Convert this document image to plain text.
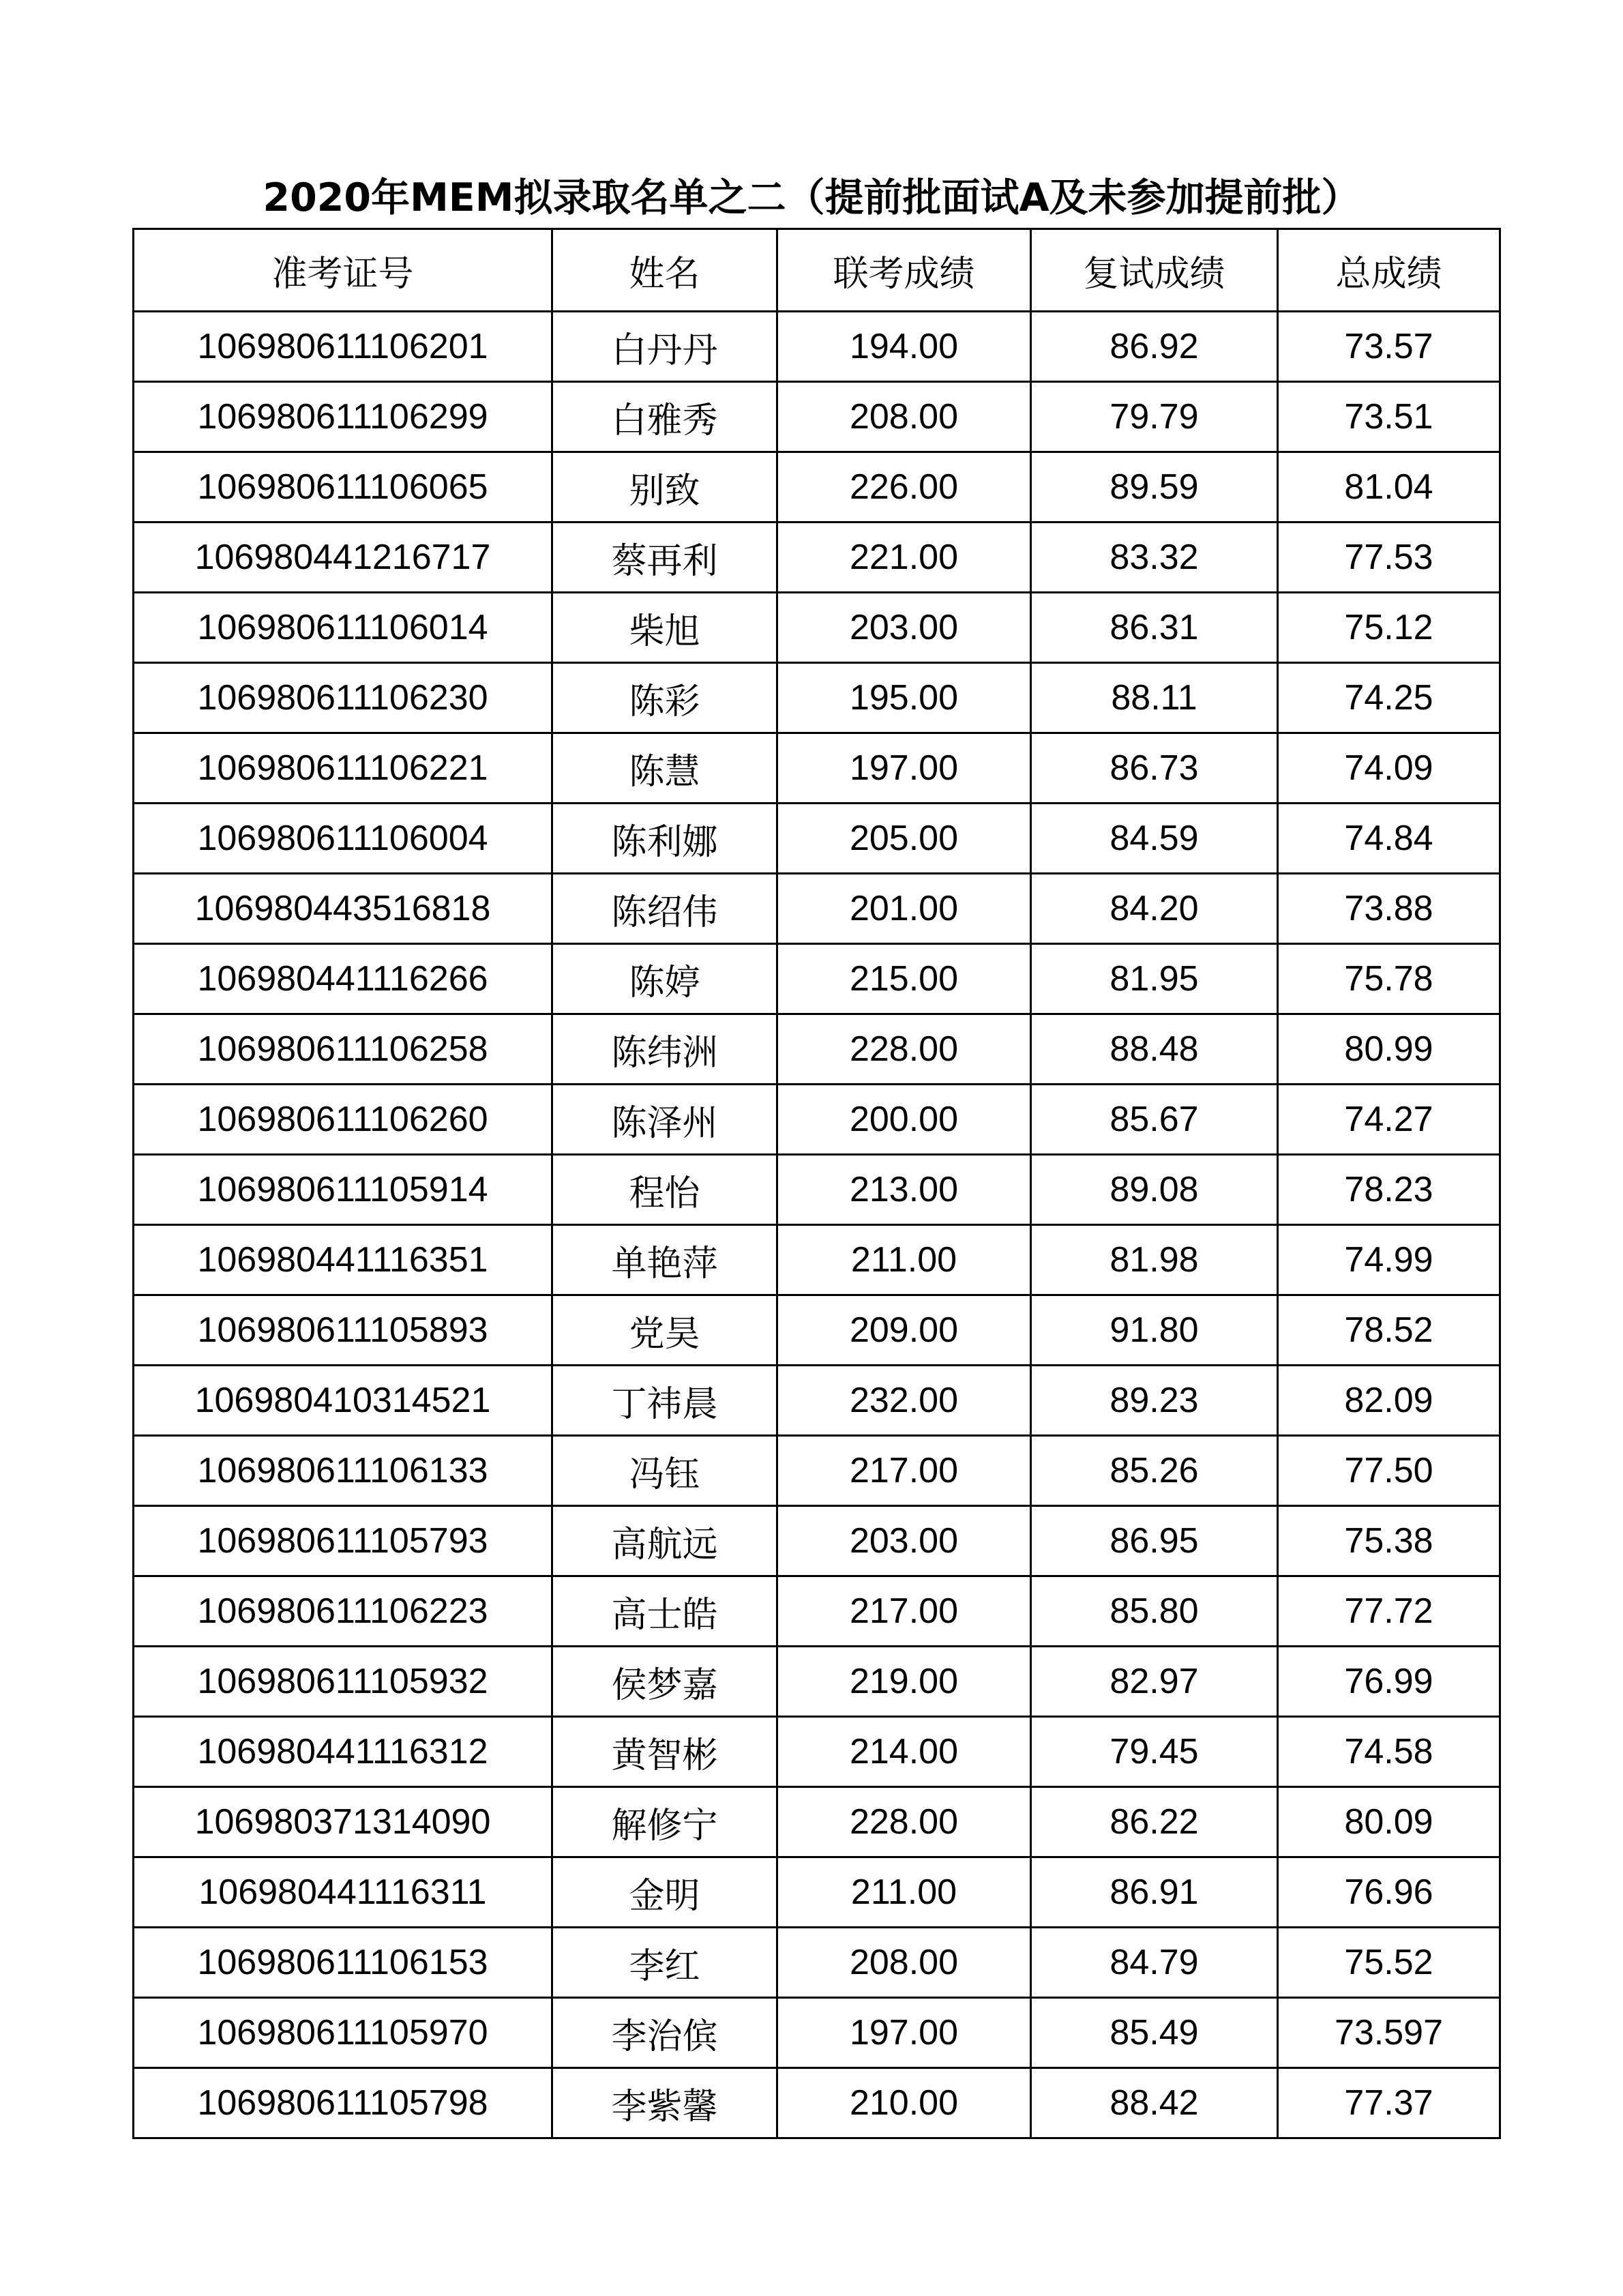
2020年MEM拟录取名单之二（提前批面试A及未参加提前批）
准考证号	姓名	联考成绩	复试成绩	总成绩
106980611106201	白丹丹	194.00	86.92	73.57
106980611106299	白雅秀	208.00	79.79	73.51
106980611106065	别致	226.00	89.59	81.04
106980441216717	蔡再利	221.00	83.32	77.53
106980611106014	柴旭	203.00	86.31	75.12
106980611106230	陈彩	195.00	88.11	74.25
106980611106221	陈慧	197.00	86.73	74.09
106980611106004	陈利娜	205.00	84.59	74.84
106980443516818	陈绍伟	201.00	84.20	73.88
106980441116266	陈婷	215.00	81.95	75.78
106980611106258	陈纬洲	228.00	88.48	80.99
106980611106260	陈泽州	200.00	85.67	74.27
106980611105914	程怡	213.00	89.08	78.23
106980441116351	单艳萍	211.00	81.98	74.99
106980611105893	党昊	209.00	91.80	78.52
106980410314521	丁祎晨	232.00	89.23	82.09
106980611106133	冯钰	217.00	85.26	77.50
106980611105793	高航远	203.00	86.95	75.38
106980611106223	高士皓	217.00	85.80	77.72
106980611105932	侯梦嘉	219.00	82.97	76.99
106980441116312	黄智彬	214.00	79.45	74.58
106980371314090	解修宁	228.00	86.22	80.09
106980441116311	金明	211.00	86.91	76.96
106980611106153	李红	208.00	84.79	75.52
106980611105970	李治傧	197.00	85.49	73.597
106980611105798	李紫馨	210.00	88.42	77.37
